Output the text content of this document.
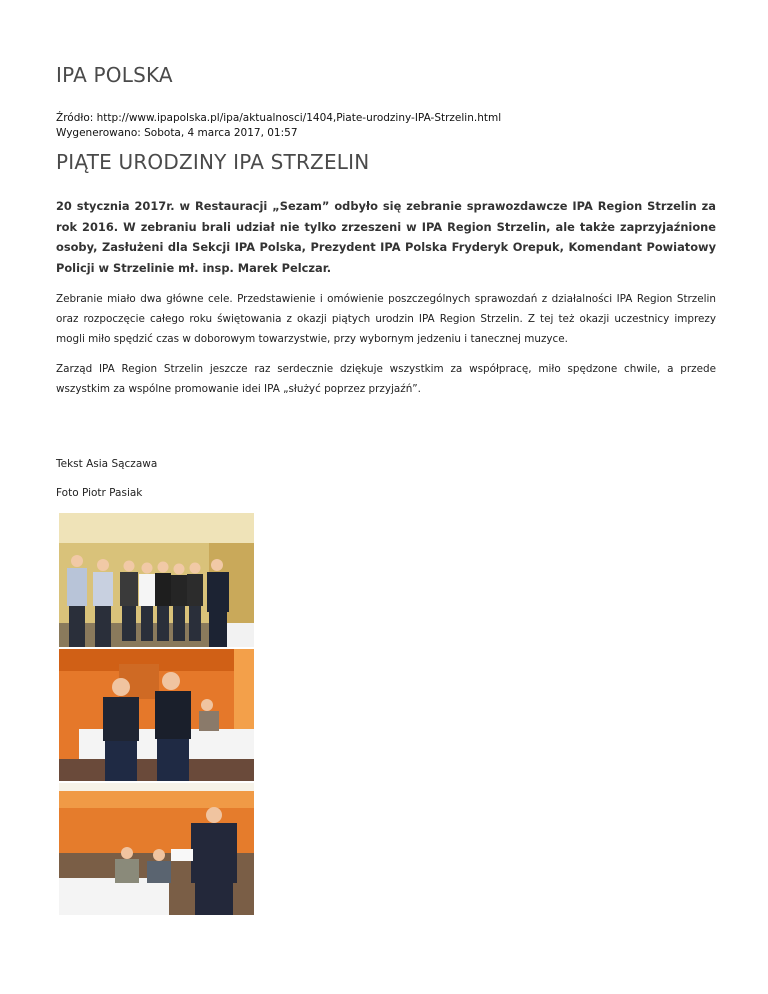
IPA POLSKA
Źródło: http://www.ipapolska.pl/ipa/aktualnosci/1404,Piate-urodziny-IPA-Strzelin.html
Wygenerowano: Sobota, 4 marca 2017, 01:57
PIĄTE URODZINY IPA STRZELIN

20 stycznia 2017r. w Restauracji „Sezam” odbyło się zebranie sprawozdawcze IPA Region Strzelin za rok 2016. W zebraniu brali udział nie tylko zrzeszeni w IPA Region Strzelin, ale także zaprzyjaźnione osoby, Zasłużeni dla Sekcji IPA Polska, Prezydent IPA Polska Fryderyk Orepuk, Komendant Powiatowy Policji w Strzelinie mł. insp. Marek Pelczar.

Zebranie miało dwa główne cele. Przedstawienie i omówienie poszczególnych sprawozdań z działalności IPA Region Strzelin oraz rozpoczęcie całego roku świętowania z okazji piątych urodzin IPA Region Strzelin. Z tej też okazji uczestnicy imprezy mogli miło spędzić czas w doborowym towarzystwie, przy wybornym jedzeniu i tanecznej muzyce.

Zarząd IPA Region Strzelin jeszcze raz serdecznie dziękuje wszystkim za współpracę, miło spędzone chwile, a przede wszystkim za wspólne promowanie idei IPA „służyć poprzez przyjaźń”.

Tekst Asia Sączawa

Foto Piotr Pasiak
